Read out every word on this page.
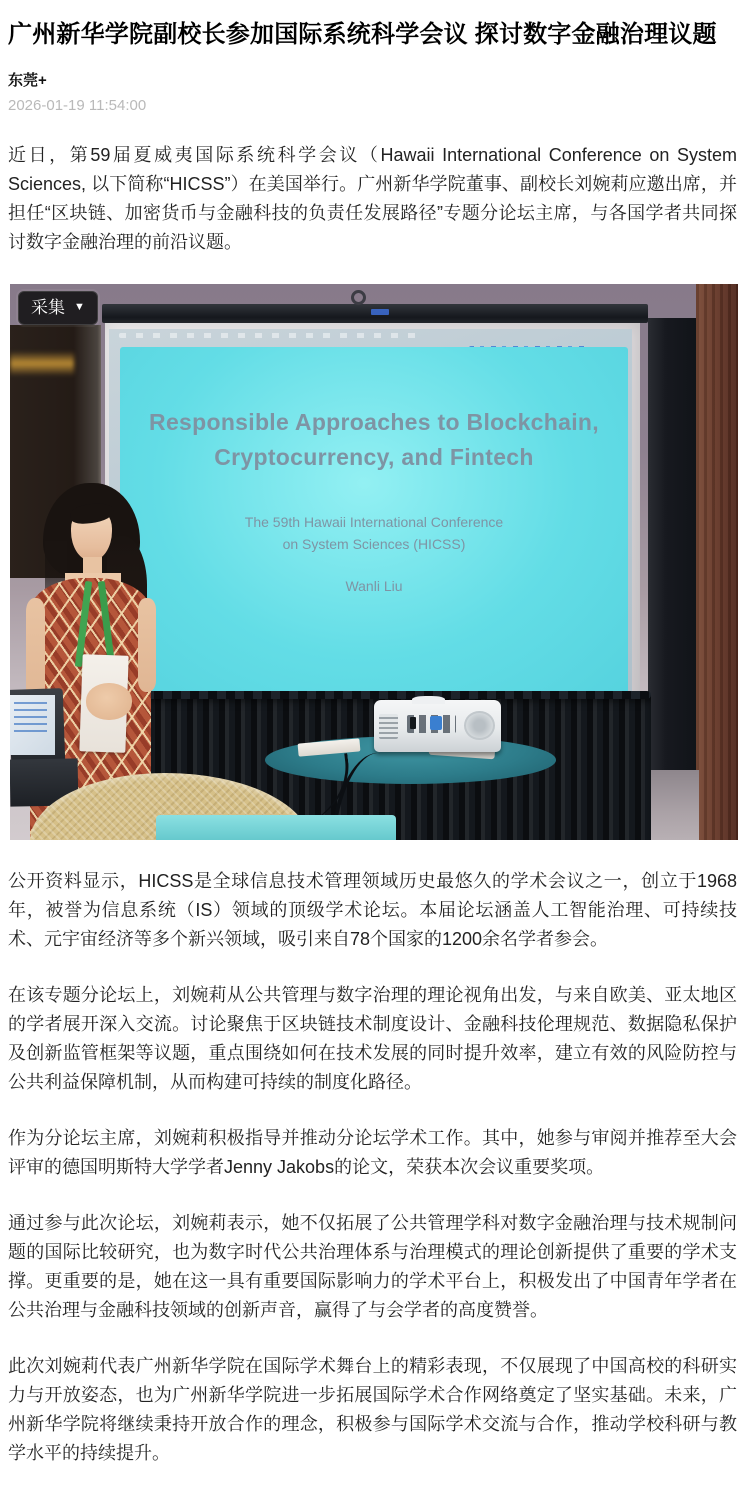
广州新华学院副校长参加国际系统科学会议 探讨数字金融治理议题
东莞+
2026-01-19 11:54:00

近日，第59届夏威夷国际系统科学会议（Hawaii International Conference on System Sciences, 以下简称“HICSS”）在美国举行。广州新华学院董事、副校长刘婉莉应邀出席，并担任“区块链、加密货币与金融科技的负责任发展路径”专题分论坛主席，与各国学者共同探讨数字金融治理的前沿议题。

Responsible Approaches to Blockchain,
Cryptocurrency, and Fintech
The 59th Hawaii International Conference
on System Sciences (HICSS)
Wanli Liu
采集
▼

公开资料显示，HICSS是全球信息技术管理领域历史最悠久的学术会议之一，创立于1968年，被誉为信息系统（IS）领域的顶级学术论坛。本届论坛涵盖人工智能治理、可持续技术、元宇宙经济等多个新兴领域，吸引来自78个国家的1200余名学者参会。

在该专题分论坛上，刘婉莉从公共管理与数字治理的理论视角出发，与来自欧美、亚太地区的学者展开深入交流。讨论聚焦于区块链技术制度设计、金融科技伦理规范、数据隐私保护及创新监管框架等议题，重点围绕如何在技术发展的同时提升效率，建立有效的风险防控与公共利益保障机制，从而构建可持续的制度化路径。

作为分论坛主席，刘婉莉积极指导并推动分论坛学术工作。其中，她参与审阅并推荐至大会评审的德国明斯特大学学者Jenny Jakobs的论文，荣获本次会议重要奖项。

通过参与此次论坛，刘婉莉表示，她不仅拓展了公共管理学科对数字金融治理与技术规制问题的国际比较研究，也为数字时代公共治理体系与治理模式的理论创新提供了重要的学术支撑。更重要的是，她在这一具有重要国际影响力的学术平台上，积极发出了中国青年学者在公共治理与金融科技领域的创新声音，赢得了与会学者的高度赞誉。

此次刘婉莉代表广州新华学院在国际学术舞台上的精彩表现，不仅展现了中国高校的科研实力与开放姿态，也为广州新华学院进一步拓展国际学术合作网络奠定了坚实基础。未来，广州新华学院将继续秉持开放合作的理念，积极参与国际学术交流与合作，推动学校科研与教学水平的持续提升。
